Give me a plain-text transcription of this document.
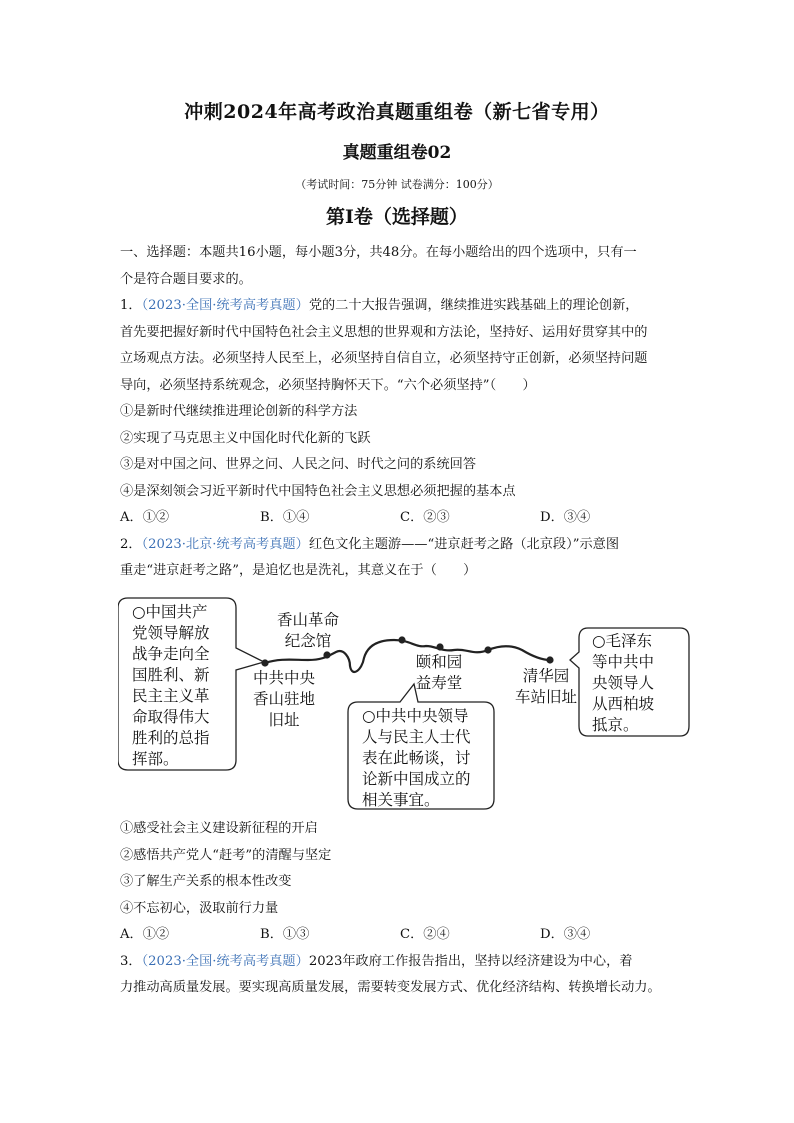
冲刺2024年高考政治真题重组卷（新七省专用）
真题重组卷02
（考试时间：75分钟 试卷满分：100分）
第I卷（选择题）
一、选择题：本题共16小题，每小题3分，共48分。在每小题给出的四个选项中，只有一
个是符合题目要求的。
1．（2023·全国·统考高考真题）党的二十大报告强调，继续推进实践基础上的理论创新，
首先要把握好新时代中国特色社会主义思想的世界观和方法论，坚持好、运用好贯穿其中的
立场观点方法。必须坚持人民至上，必须坚持自信自立，必须坚持守正创新，必须坚持问题
导向，必须坚持系统观念，必须坚持胸怀天下。“六个必须坚持”（　　）
①是新时代继续推进理论创新的科学方法
②实现了马克思主义中国化时代化新的飞跃
③是对中国之问、世界之问、人民之问、时代之问的系统回答
④是深刻领会习近平新时代中国特色社会主义思想必须把握的基本点
A．①②	B．①④	C．②③	D．③④
2．（2023·北京·统考高考真题）红色文化主题游——“进京赶考之路（北京段）”示意图
重走“进京赶考之路”，是追忆也是洗礼，其意义在于（　　）
○中国共产
党领导解放
战争走向全
国胜利、新
民主主义革
命取得伟大
胜利的总指
挥部。
○毛泽东
等中共中
央领导人
从西柏坡
抵京。
○中共中央领导
人与民主人士代
表在此畅谈，讨
论新中国成立的
相关事宜。
香山革命
纪念馆
中共中央
香山驻地
旧址
颐和园
益寿堂	清华园
车站旧址
①感受社会主义建设新征程的开启
②感悟共产党人“赶考”的清醒与坚定
③了解生产关系的根本性改变
④不忘初心，汲取前行力量
A．①②	B．①③	C．②④	D．③④
3．（2023·全国·统考高考真题）2023年政府工作报告指出，坚持以经济建设为中心，着
力推动高质量发展。要实现高质量发展，需要转变发展方式、优化经济结构、转换增长动力。
